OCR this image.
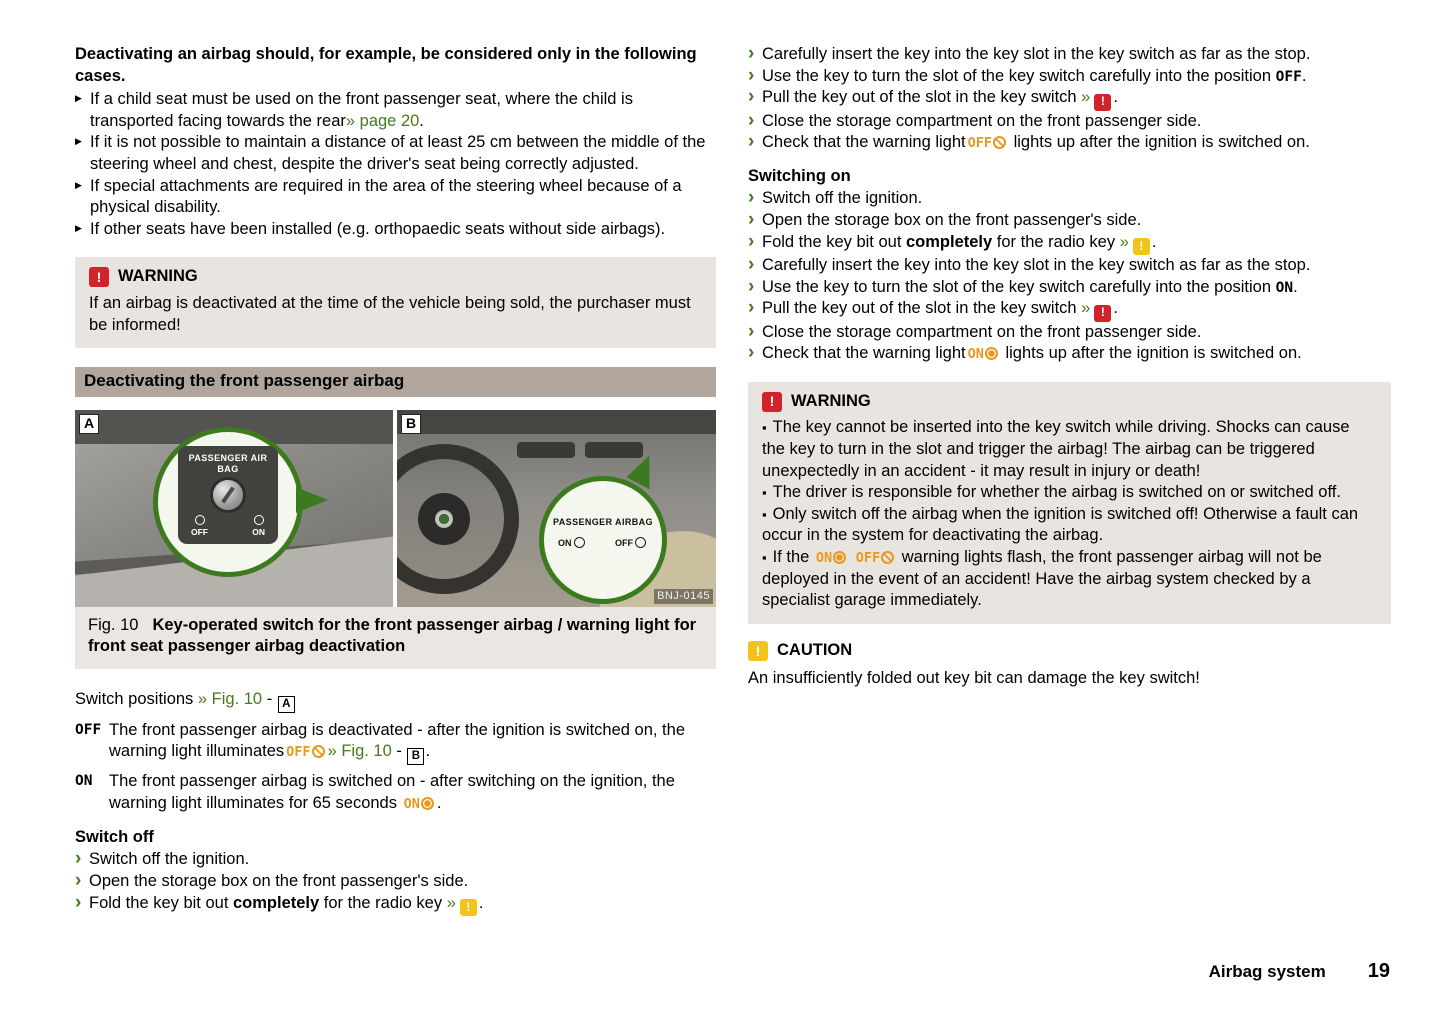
Deactivating an airbag should, for example, be considered only in the following cases.

▶ If a child seat must be used on the front passenger seat, where the child is transported facing towards the rear» page 20.
▶ If it is not possible to maintain a distance of at least 25 cm between the middle of the steering wheel and chest, despite the driver's seat being correctly adjusted.
▶ If special attachments are required in the area of the steering wheel because of a physical disability.
▶ If other seats have been installed (e.g. orthopaedic seats without side airbags).
!	WARNING

If an airbag is deactivated at the time of the vehicle being sold, the purchaser must be informed!

Deactivating the front passenger airbag
PASSENGER AIR BAG
OFF	ON
A
PASSENGER AIRBAG
ON	OFF
BNJ-0145
B
Fig. 10 Key-operated switch for the front passenger airbag / warning light for front seat passenger airbag deactivation

Switch positions » Fig. 10 - A

OFF The front passenger airbag is deactivated - after the ignition is switched on, the warning light illuminates OFF » Fig. 10 - B .

ON	The front passenger airbag is switched on - after switching on the ignition, the warning light illuminates for 65 seconds ON .

Switch off

› Switch off the ignition.
› Open the storage box on the front passenger's side.
› Fold the key bit out completely for the radio key » ! .
› Carefully insert the key into the key slot in the key switch as far as the stop.
› Use the key to turn the slot of the key switch carefully into the position OFF.
› Pull the key out of the slot in the key switch » ! .
› Close the storage compartment on the front passenger side.
› Check that the warning light OFF lights up after the ignition is switched on.

Switching on

› Switch off the ignition.
› Open the storage box on the front passenger's side.
› Fold the key bit out completely for the radio key » ! .
› Carefully insert the key into the key slot in the key switch as far as the stop.
› Use the key to turn the slot of the key switch carefully into the position ON.
› Pull the key out of the slot in the key switch » ! .
› Close the storage compartment on the front passenger side.
› Check that the warning light ON lights up after the ignition is switched on.
!	WARNING

▪ The key cannot be inserted into the key switch while driving. Shocks can cause the key to turn in the slot and trigger the airbag! The airbag can be triggered unexpectedly in an accident - it may result in injury or death!

▪ The driver is responsible for whether the airbag is switched on or switched off.

▪ Only switch off the airbag when the ignition is switched off! Otherwise a fault can occur in the system for deactivating the airbag.

▪ If the ON OFF warning lights flash, the front passenger airbag will not be deployed in the event of an accident! Have the airbag system checked by a specialist garage immediately.

!	CAUTION

An insufficiently folded out key bit can damage the key switch!

Airbag system 19
